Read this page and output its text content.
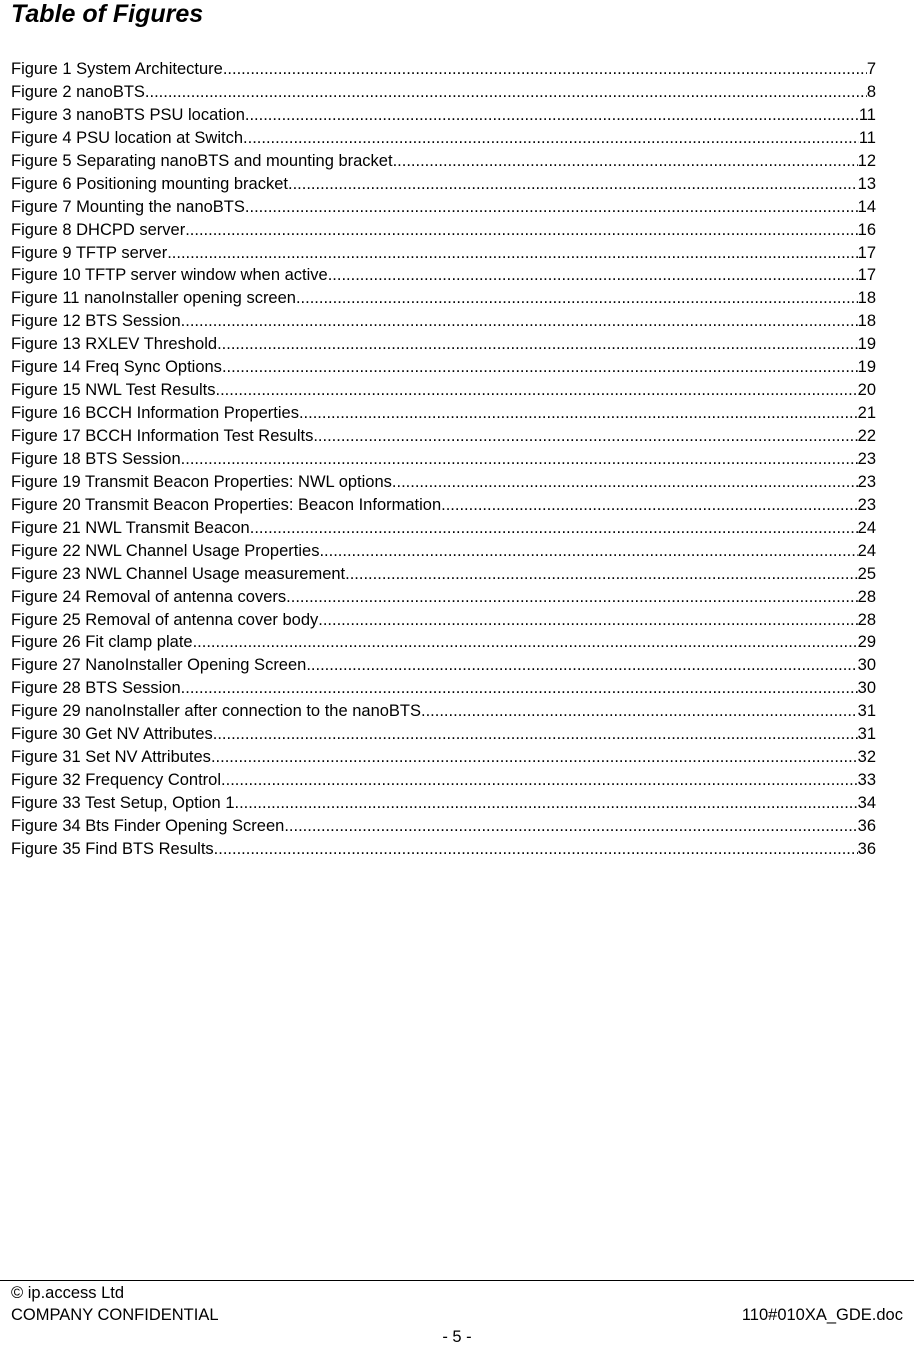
Table of Figures
Figure 1 System Architecture .....	7
Figure 2 nanoBTS .....	8
Figure 3 nanoBTS PSU location .....	11
Figure 4 PSU location at Switch .....	11
Figure 5 Separating nanoBTS and mounting bracket .....	12
Figure 6 Positioning mounting bracket .....	13
Figure 7 Mounting the nanoBTS .....	14
Figure 8 DHCPD server .....	16
Figure 9 TFTP server .....	17
Figure 10 TFTP server window when active .....	17
Figure 11 nanoInstaller opening screen .....	18
Figure 12 BTS Session .....	18
Figure 13 RXLEV Threshold .....	19
Figure 14 Freq Sync Options .....	19
Figure 15 NWL Test Results .....	20
Figure 16 BCCH Information Properties .....	21
Figure 17 BCCH Information Test Results .....	22
Figure 18 BTS Session .....	23
Figure 19 Transmit Beacon Properties: NWL options .....	23
Figure 20 Transmit Beacon Properties: Beacon Information .....	23
Figure 21 NWL Transmit Beacon .....	24
Figure 22 NWL Channel Usage Properties .....	24
Figure 23 NWL Channel Usage measurement .....	25
Figure 24 Removal of antenna covers .....	28
Figure 25 Removal of antenna cover body .....	28
Figure 26 Fit clamp plate .....	29
Figure 27 NanoInstaller Opening Screen .....	30
Figure 28 BTS Session .....	30
Figure 29 nanoInstaller after connection to the nanoBTS .....	31
Figure 30 Get NV Attributes .....	31
Figure 31 Set NV Attributes .....	32
Figure 32 Frequency Control .....	33
Figure 33 Test Setup, Option 1 .....	34
Figure 34 Bts Finder Opening Screen .....	36
Figure 35 Find BTS Results .....	36
© ip.access Ltd
COMPANY CONFIDENTIAL	110#010XA_GDE.doc
- 5 -
